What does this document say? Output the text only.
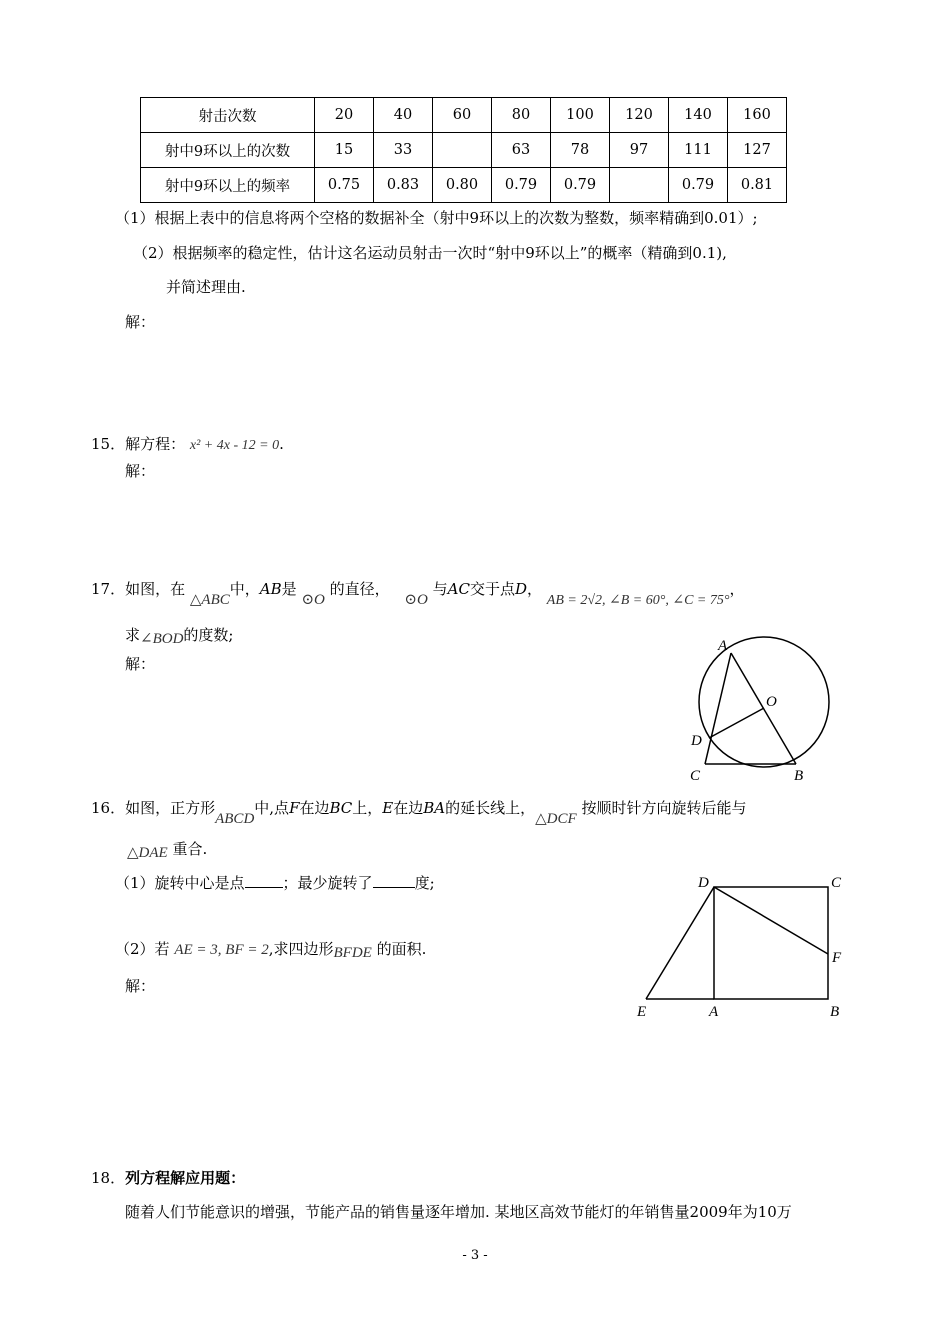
射击次数	20	40	60	80	100	120	140	160
射中9环以上的次数	15	33		63	78	97	111	127
射中9环以上的频率	0.75	0.83	0.80	0.79	0.79		0.79	0.81
（1）根据上表中的信息将两个空格的数据补全（射中9环以上的次数为整数，频率精确到0.01）;
（2）根据频率的稳定性，估计这名运动员射击一次时“射中9环以上”的概率（精确到0.1),
并简述理由.
解：
15．解方程： x² + 4x - 12 = 0.
解：
17．如图，在 △ABC中，AB是 ⊙O 的直径， ⊙O 与AC交于点D， AB = 2√2, ∠B = 60°, ∠C = 75°，
求∠BOD的度数;
解：
A
O
D
C	B
16．如图，正方形ABCD中,点F在边BC上，E在边BA的延长线上，△DCF 按顺时针方向旋转后能与
△DAE 重合.
（1）旋转中心是点	；最少旋转了	度;
（2）若 AE = 3, BF = 2,求四边形BFDE 的面积.
解：
D	C
F
E	A	B
18．列方程解应用题：
随着人们节能意识的增强，节能产品的销售量逐年增加. 某地区高效节能灯的年销售量2009年为10万
- 3 -
